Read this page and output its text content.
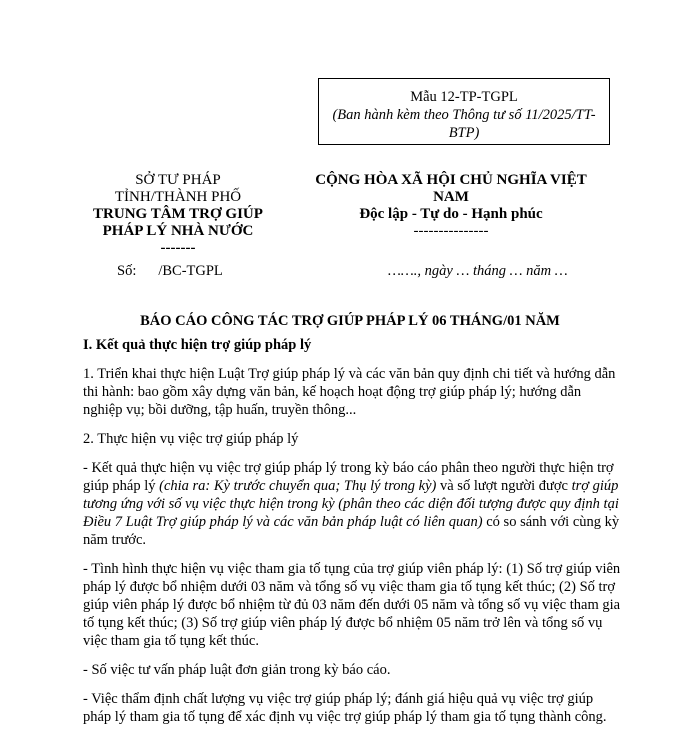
Mẫu 12-TP-TGPL
(Ban hành kèm theo Thông tư số 11/2025/TT-
BTP)
SỞ TƯ PHÁP
TỈNH/THÀNH PHỐ
TRUNG TÂM TRỢ GIÚP
PHÁP LÝ NHÀ NƯỚC
-------
CỘNG HÒA XÃ HỘI CHỦ NGHĨA VIỆT
NAM
Độc lập - Tự do - Hạnh phúc
---------------
Số: /BC-TGPL	……., ngày … tháng … năm …
BÁO CÁO CÔNG TÁC TRỢ GIÚP PHÁP LÝ 06 THÁNG/01 NĂM
I. Kết quả thực hiện trợ giúp pháp lý

1. Triển khai thực hiện Luật Trợ giúp pháp lý và các văn bản quy định chi tiết và hướng dẫn thi hành: bao gồm xây dựng văn bản, kế hoạch hoạt động trợ giúp pháp lý; hướng dẫn nghiệp vụ; bồi dưỡng, tập huấn, truyền thông...

2. Thực hiện vụ việc trợ giúp pháp lý

- Kết quả thực hiện vụ việc trợ giúp pháp lý trong kỳ báo cáo phân theo người thực hiện trợ giúp pháp lý (chia ra: Kỳ trước chuyển qua; Thụ lý trong kỳ) và số lượt người được trợ giúp tương ứng với số vụ việc thực hiện trong kỳ (phân theo các diện đối tượng được quy định tại Điều 7 Luật Trợ giúp pháp lý và các văn bản pháp luật có liên quan) có so sánh với cùng kỳ năm trước.

- Tình hình thực hiện vụ việc tham gia tố tụng của trợ giúp viên pháp lý: (1) Số trợ giúp viên pháp lý được bổ nhiệm dưới 03 năm và tổng số vụ việc tham gia tố tụng kết thúc; (2) Số trợ giúp viên pháp lý được bổ nhiệm từ đủ 03 năm đến dưới 05 năm và tổng số vụ việc tham gia tố tụng kết thúc; (3) Số trợ giúp viên pháp lý được bổ nhiệm 05 năm trở lên và tổng số vụ việc tham gia tố tụng kết thúc.

- Số việc tư vấn pháp luật đơn giản trong kỳ báo cáo.

- Việc thẩm định chất lượng vụ việc trợ giúp pháp lý; đánh giá hiệu quả vụ việc trợ giúp pháp lý tham gia tố tụng để xác định vụ việc trợ giúp pháp lý tham gia tố tụng thành công.
